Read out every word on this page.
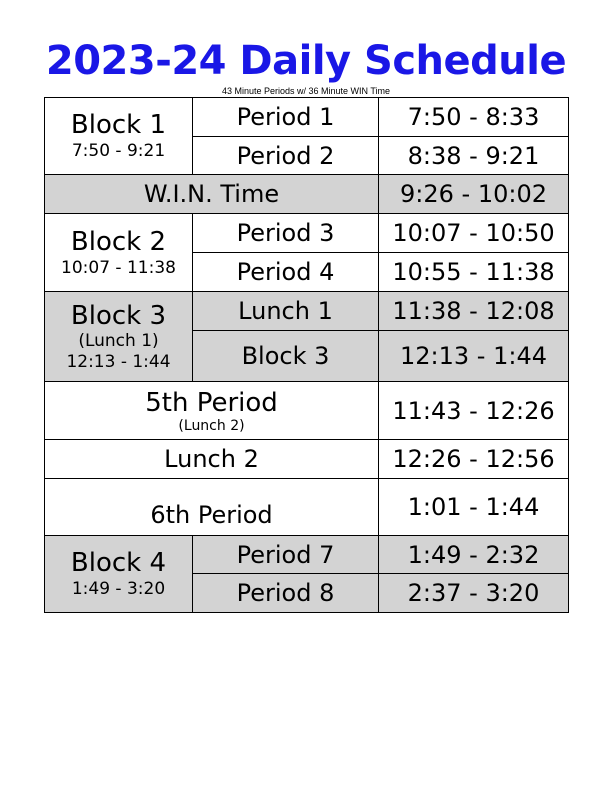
2023-24 Daily Schedule
43 Minute Periods w/ 36 Minute WIN Time
Block 1
7:50 - 9:21	Period 1	7:50 - 8:33
	Period 2	8:38 - 9:21
W.I.N. Time		9:26 - 10:02

Block 2
10:07 - 11:38	Period 3	10:07 - 10:50
	Period 4	10:55 - 11:38

Block 3
(Lunch 1)
12:13 - 1:44	Lunch 1	11:38 - 12:08
	Block 3	12:13 - 1:44

5th Period
(Lunch 2)		11:43 - 12:26
Lunch 2		12:26 - 12:56
6th Period		1:01 - 1:44

Block 4
1:49 - 3:20	Period 7	1:49 - 2:32
	Period 8	2:37 - 3:20
